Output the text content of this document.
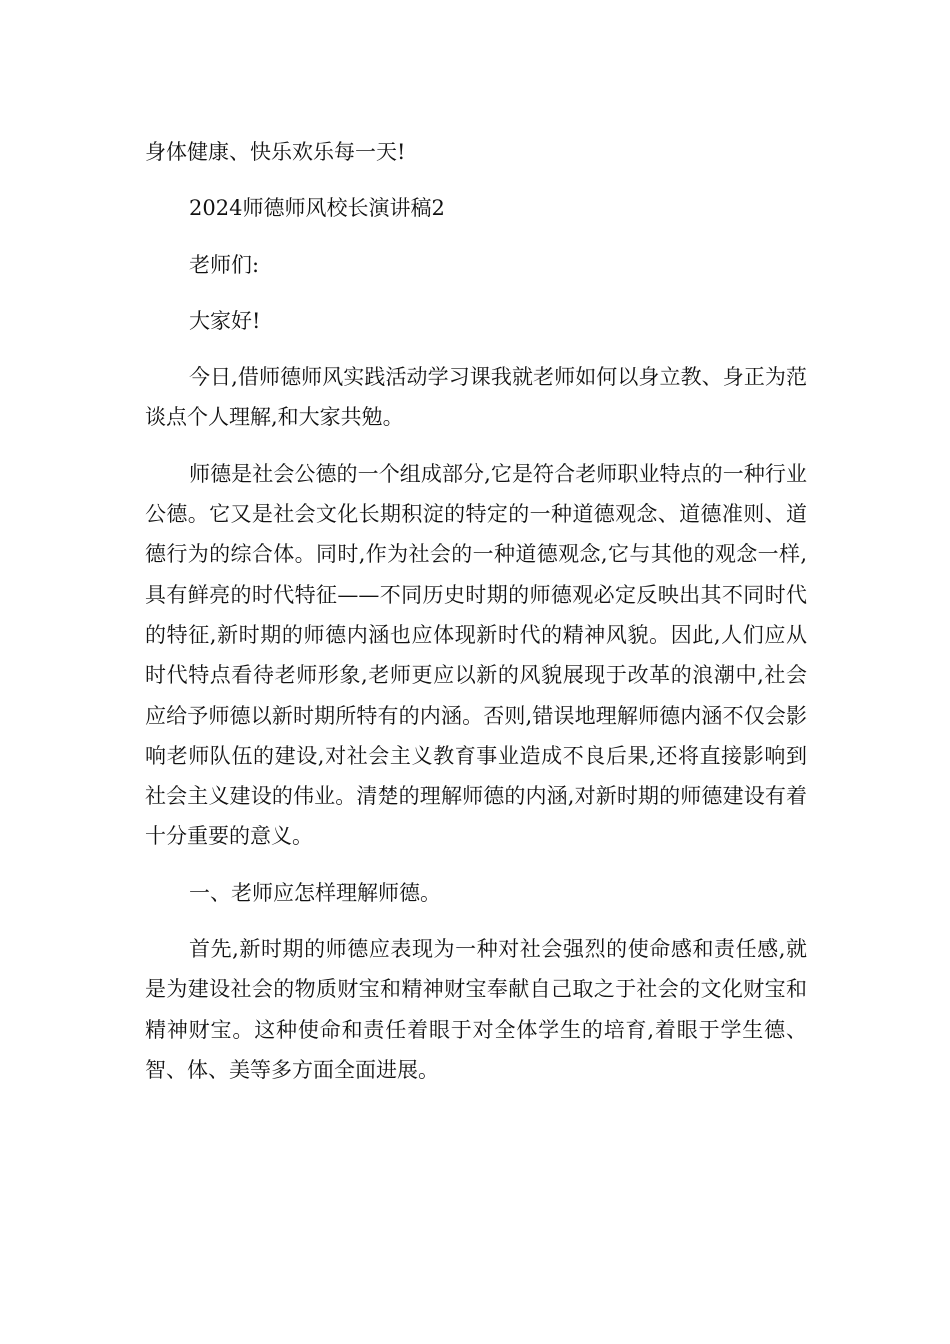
身体健康、快乐欢乐每一天!

2024师德师风校长演讲稿2

老师们:

大家好!

今日,借师德师风实践活动学习课我就老师如何以身立教、身正为范谈点个人理解,和大家共勉。

师德是社会公德的一个组成部分,它是符合老师职业特点的一种行业公德。它又是社会文化长期积淀的特定的一种道德观念、道德准则、道德行为的综合体。同时,作为社会的一种道德观念,它与其他的观念一样,具有鲜亮的时代特征——不同历史时期的师德观必定反映出其不同时代的特征,新时期的师德内涵也应体现新时代的精神风貌。因此,人们应从时代特点看待老师形象,老师更应以新的风貌展现于改革的浪潮中,社会应给予师德以新时期所特有的内涵。否则,错误地理解师德内涵不仅会影响老师队伍的建设,对社会主义教育事业造成不良后果,还将直接影响到社会主义建设的伟业。清楚的理解师德的内涵,对新时期的师德建设有着十分重要的意义。

一、老师应怎样理解师德。

首先,新时期的师德应表现为一种对社会强烈的使命感和责任感,就是为建设社会的物质财宝和精神财宝奉献自己取之于社会的文化财宝和精神财宝。这种使命和责任着眼于对全体学生的培育,着眼于学生德、智、体、美等多方面全面进展。
